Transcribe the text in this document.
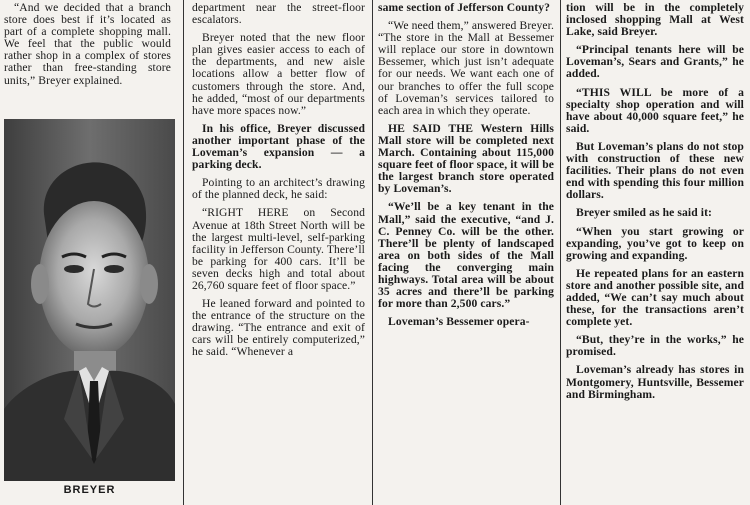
“And we decided that a branch store does best if it’s located as part of a complete shopping mall. We feel that the public would rather shop in a complex of stores rather than free-standing store units,” Breyer explained.

BREYER

department near the street-floor escalators.

Breyer noted that the new floor plan gives easier access to each of the departments, and new aisle locations allow a better flow of customers through the store. And, he added, “most of our departments have more spaces now.”

In his office, Breyer discussed another important phase of the Loveman’s expansion — a parking deck.

Pointing to an architect’s drawing of the planned deck, he said:

“RIGHT HERE on Second Avenue at 18th Street North will be the largest multi-level, self-parking facility in Jefferson County. There’ll be parking for 400 cars. It’ll be seven decks high and total about 26,760 square feet of floor space.”

He leaned forward and pointed to the entrance of the structure on the drawing. “The entrance and exit of cars will be entirely computerized,” he said. “Whenever a

same section of Jefferson County?

“We need them,” answered Breyer. “The store in the Mall at Bessemer will replace our store in downtown Bessemer, which just isn’t adequate for our needs. We want each one of our branches to offer the full scope of Loveman’s services tailored to each area in which they operate.

HE SAID THE Western Hills Mall store will be completed next March. Containing about 115,000 square feet of floor space, it will be the largest branch store operated by Loveman’s.

“We’ll be a key tenant in the Mall,” said the executive, “and J. C. Penney Co. will be the other. There’ll be plenty of landscaped area on both sides of the Mall facing the converging main highways. Total area will be about 35 acres and there’ll be parking for more than 2,500 cars.”

Loveman’s Bessemer opera-

tion will be in the completely inclosed shopping Mall at West Lake, said Breyer.

“Principal tenants here will be Loveman’s, Sears and Grants,” he added.

“THIS WILL be more of a specialty shop operation and will have about 40,000 square feet,” he said.

But Loveman’s plans do not stop with construction of these new facilities. Their plans do not even end with spending this four million dollars.

Breyer smiled as he said it:

“When you start growing or expanding, you’ve got to keep on growing and expanding.

He repeated plans for an eastern store and another possible site, and added, “We can’t say much about these, for the transactions aren’t complete yet.

“But, they’re in the works,” he promised.

Loveman’s already has stores in Montgomery, Huntsville, Bessemer and Birmingham.
